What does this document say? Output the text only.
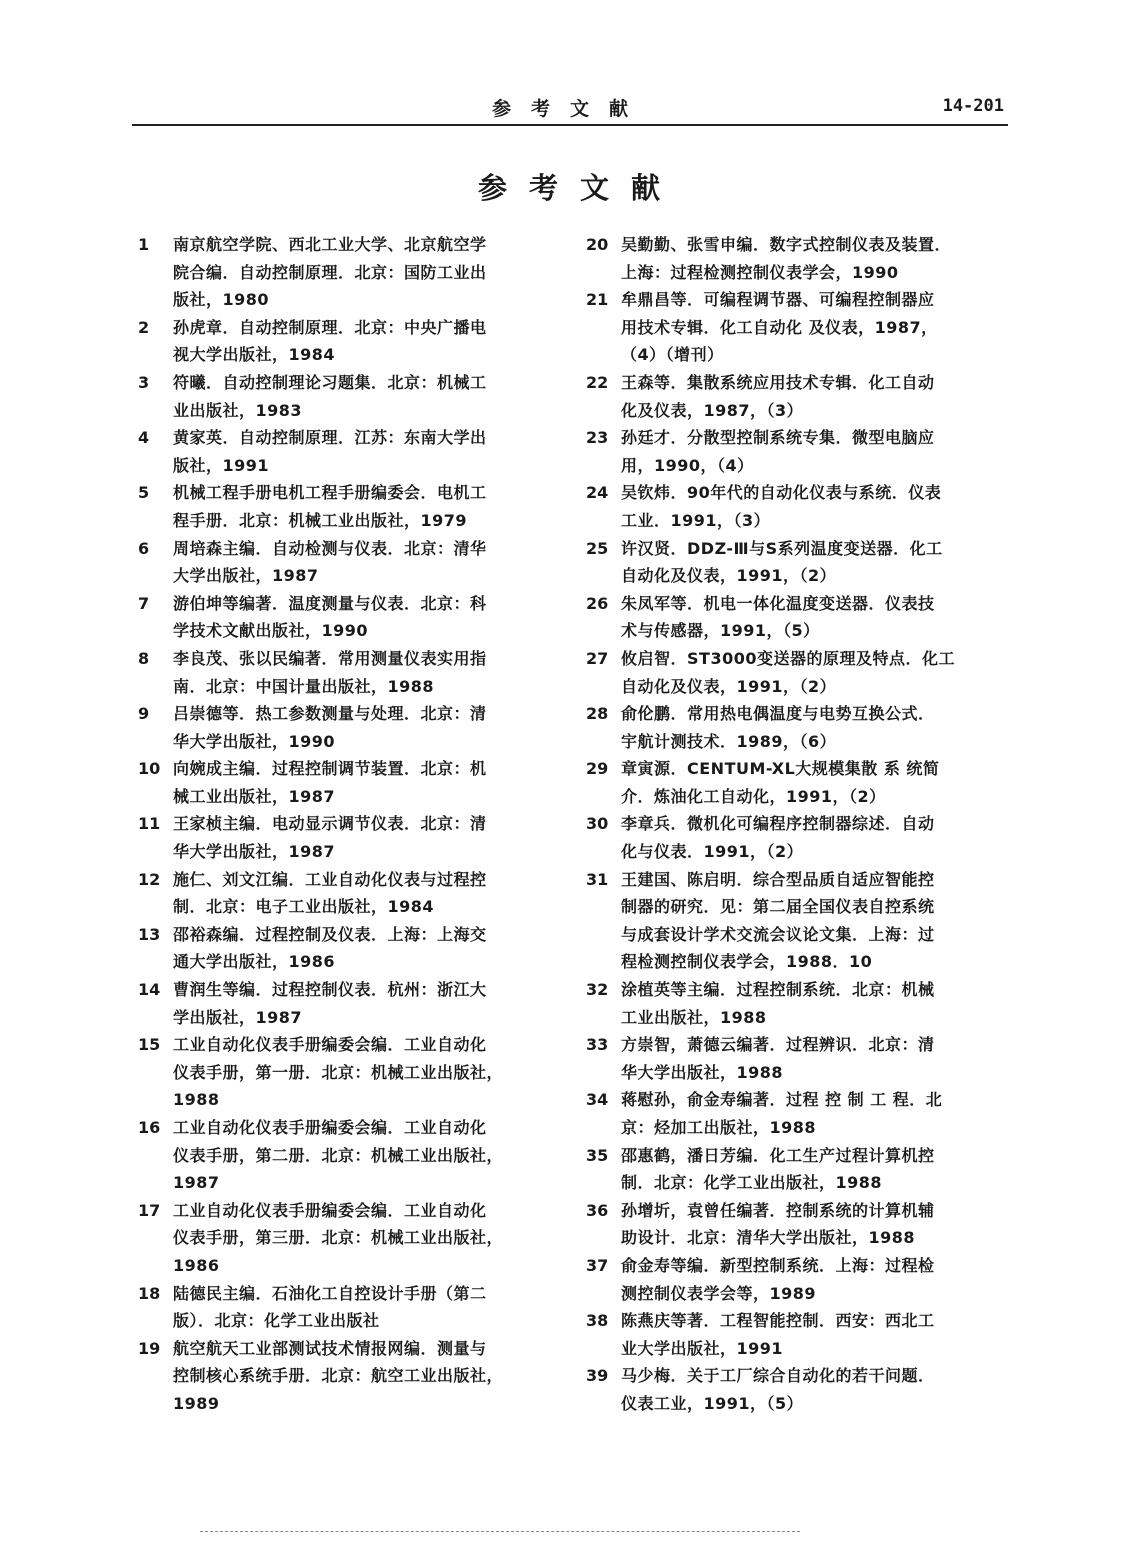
参考文献	14-201
参考文献
1	南京航空学院、西北工业大学、北京航空学
院合编．自动控制原理．北京：国防工业出
版社，1980
2	孙虎章．自动控制原理．北京：中央广播电
视大学出版社，1984
3	符曦．自动控制理论习题集．北京：机械工
业出版社，1983
4	黄家英．自动控制原理．江苏：东南大学出
版社，1991
5	机械工程手册电机工程手册编委会．电机工
程手册．北京：机械工业出版社，1979
6	周培森主编．自动检测与仪表．北京：清华
大学出版社，1987
7	游伯坤等编著．温度测量与仪表．北京：科
学技术文献出版社，1990
8	李良茂、张以民编著．常用测量仪表实用指
南．北京：中国计量出版社，1988
9	吕崇德等．热工参数测量与处理．北京：清
华大学出版社，1990
10 向婉成主编．过程控制调节装置．北京：机
械工业出版社，1987
11 王家桢主编．电动显示调节仪表．北京：清
华大学出版社，1987
12 施仁、刘文江编．工业自动化仪表与过程控
制．北京：电子工业出版社，1984
13 邵裕森编．过程控制及仪表．上海：上海交
通大学出版社，1986
14 曹润生等编．过程控制仪表．杭州：浙江大
学出版社，1987
15 工业自动化仪表手册编委会编．工业自动化
仪表手册，第一册．北京：机械工业出版社，
1988
16 工业自动化仪表手册编委会编．工业自动化
仪表手册，第二册．北京：机械工业出版社，
1987
17 工业自动化仪表手册编委会编．工业自动化
仪表手册，第三册．北京：机械工业出版社，
1986
18 陆德民主编．石油化工自控设计手册（第二
版）．北京：化学工业出版社
19 航空航天工业部测试技术情报网编．测量与
控制核心系统手册．北京：航空工业出版社，
1989
20 吴勤勤、张雪申编．数字式控制仪表及装置．
上海：过程检测控制仪表学会，1990
21 牟鼎昌等．可编程调节器、可编程控制器应
用技术专辑．化工自动化 及仪表，1987，
（4）（增刊）
22 王森等．集散系统应用技术专辑．化工自动
化及仪表，1987，（3）
23 孙廷才．分散型控制系统专集．微型电脑应
用，1990，（4）
24 吴钦炜．90年代的自动化仪表与系统．仪表
工业．1991，（3）
25 许汉贤．DDZ-Ⅲ与S系列温度变送器．化工
自动化及仪表，1991，（2）
26 朱凤军等．机电一体化温度变送器．仪表技
术与传感器，1991，（5）
27 攸启智．ST3000变送器的原理及特点．化工
自动化及仪表，1991，（2）
28 俞伦鹏．常用热电偶温度与电势互换公式．
宇航计测技术．1989，（6）
29 章寅源．CENTUM-XL大规模集散 系 统简
介．炼油化工自动化，1991，（2）
30 李章兵．微机化可编程序控制器综述．自动
化与仪表．1991，（2）
31 王建国、陈启明．综合型品质自适应智能控
制器的研究．见：第二届全国仪表自控系统
与成套设计学术交流会议论文集．上海：过
程检测控制仪表学会，1988．10
32 涂植英等主编．过程控制系统．北京：机械
工业出版社，1988
33 方崇智，萧德云编著．过程辨识．北京：清
华大学出版社，1988
34 蒋慰孙，俞金寿编著．过程 控 制 工 程．北
京：烃加工出版社，1988
35 邵惠鹤，潘日芳编．化工生产过程计算机控
制．北京：化学工业出版社，1988
36 孙增圻，袁曾任编著．控制系统的计算机辅
助设计．北京：清华大学出版社，1988
37 俞金寿等编．新型控制系统．上海：过程检
测控制仪表学会等，1989
38 陈燕庆等著．工程智能控制．西安：西北工
业大学出版社，1991
39 马少梅．关于工厂综合自动化的若干问题．
仪表工业，1991，（5）
